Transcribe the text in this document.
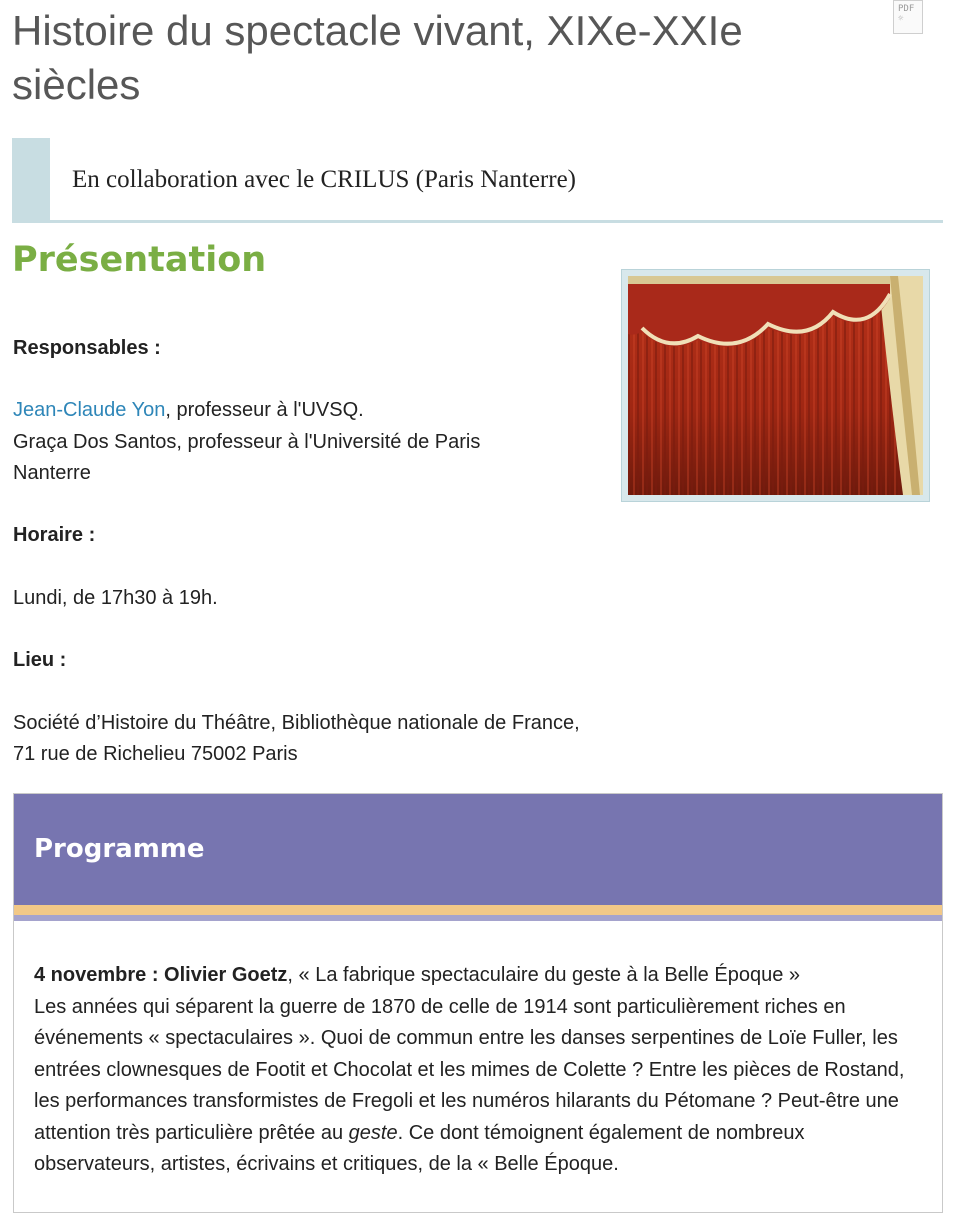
Histoire du spectacle vivant, XIXe-XXIe siècles
PDF
☼
En collaboration avec le CRILUS (Paris Nanterre)
Présentation
Responsables :
Jean-Claude Yon, professeur à l'UVSQ.
Graça Dos Santos, professeur à l'Université de Paris
Nanterre
Horaire :
Lundi, de 17h30 à 19h.
Lieu :
Société d’Histoire du Théâtre, Bibliothèque nationale de France,
71 rue de Richelieu 75002 Paris
Programme
4 novembre : Olivier Goetz, « La fabrique spectaculaire du geste à la Belle Époque »
Les années qui séparent la guerre de 1870 de celle de 1914 sont particulièrement riches en événements « spectaculaires ». Quoi de commun entre les danses serpentines de Loïe Fuller, les entrées clownesques de Footit et Chocolat et les mimes de Colette ? Entre les pièces de Rostand, les performances transformistes de Fregoli et les numéros hilarants du Pétomane ? Peut-être une attention très particulière prêtée au geste. Ce dont témoignent également de nombreux observateurs, artistes, écrivains et critiques, de la « Belle Époque.
